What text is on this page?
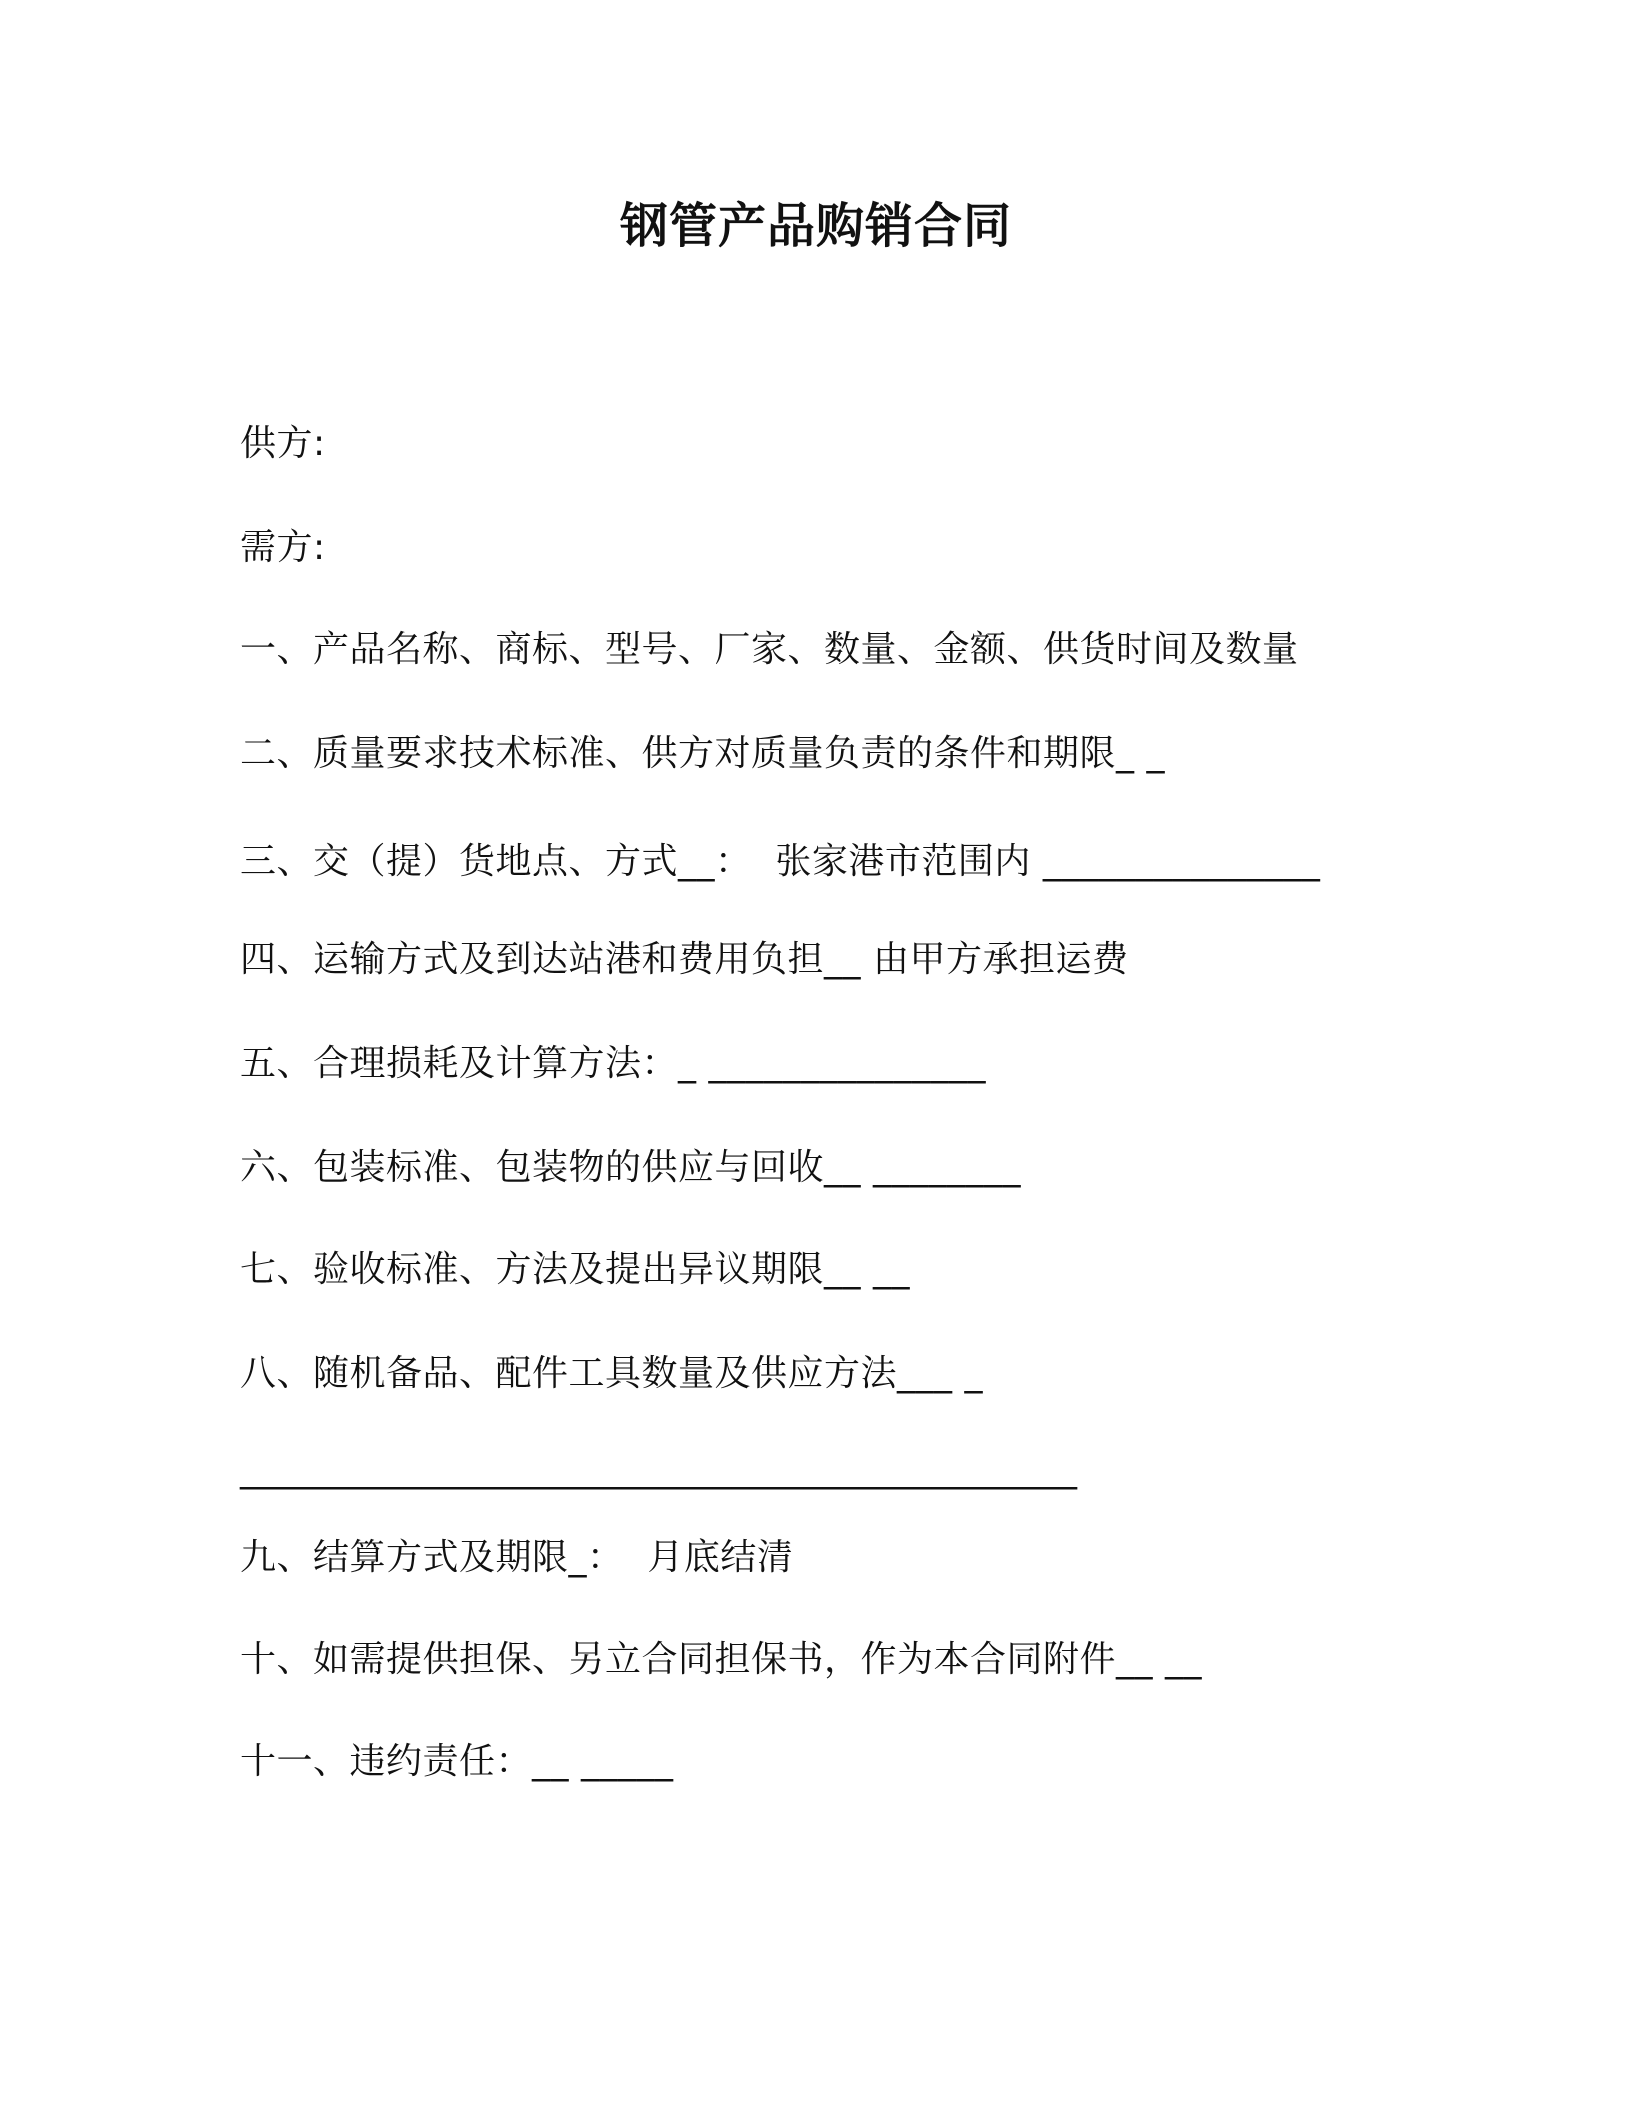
钢管产品购销合同
供方:
需方:
一、产品名称、商标、型号、厂家、数量、金额、供货时间及数量
二、质量要求技术标准、供方对质量负责的条件和期限_ _
三、交（提）货地点、方式__：  张家港市范围内 _______________
四、运输方式及到达站港和费用负担__ 由甲方承担运费
五、合理损耗及计算方法：_ _______________
六、包装标准、包装物的供应与回收__ ________
七、验收标准、方法及提出异议期限__ __
八、随机备品、配件工具数量及供应方法___ _
______________________________________________
九、结算方式及期限_：  月底结清
十、如需提供担保、另立合同担保书，作为本合同附件__ __
十一、违约责任：__ _____
